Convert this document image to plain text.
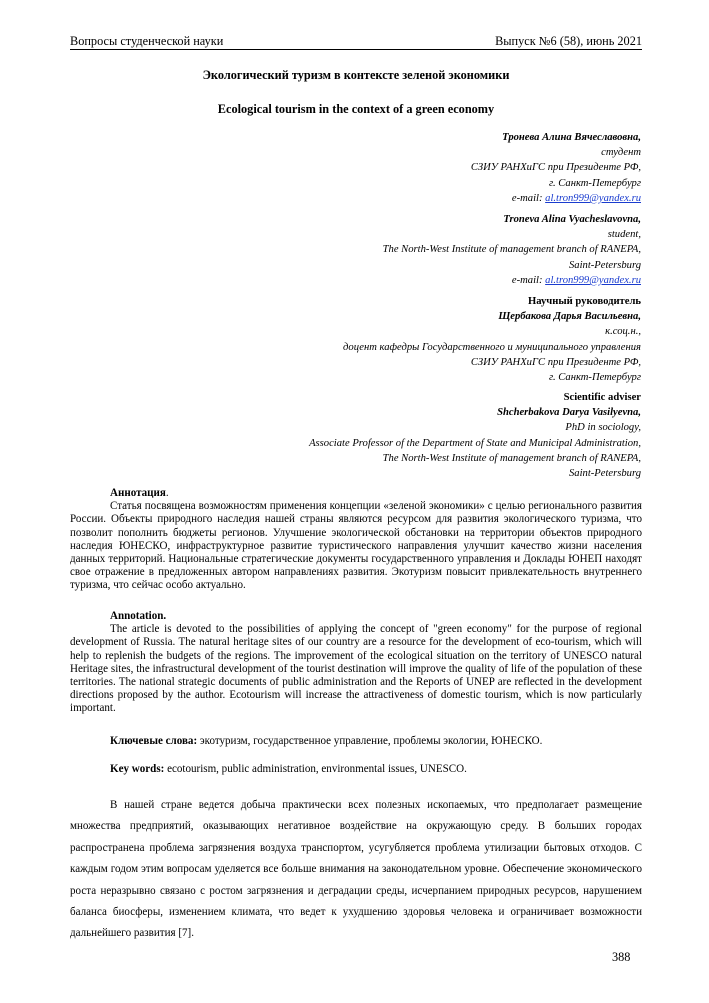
Вопросы студенческой науки	Выпуск №6 (58), июнь 2021
Экологический туризм в контексте зеленой экономики
Ecological tourism in the context of a green economy
Тронева Алина Вячеславовна,
студент
СЗИУ РАНХиГС при Президенте РФ,
г. Санкт-Петербург
e-mail: al.tron999@yandex.ru
Troneva Alina Vyacheslavovna,
student,
The North-West Institute of management branch of RANEPA,
Saint-Petersburg
e-mail: al.tron999@yandex.ru
Научный руководитель
Щербакова Дарья Васильевна,
к.соц.н.,
доцент кафедры Государственного и муниципального управления
СЗИУ РАНХиГС при Президенте РФ,
г. Санкт-Петербург
Scientific adviser
Shcherbakova Darya Vasilyevna,
PhD in sociology,
Associate Professor of the Department of State and Municipal Administration,
The North-West Institute of management branch of RANEPA,
Saint-Petersburg

Аннотация.

Статья посвящена возможностям применения концепции «зеленой экономики» с целью регионального развития России. Объекты природного наследия нашей страны являются ресурсом для развития экологического туризма, что позволит пополнить бюджеты регионов. Улучшение экологической обстановки на территории объектов природного наследия ЮНЕСКО, инфраструктурное развитие туристического направления улучшит качество жизни населения данных территорий. Национальные стратегические документы государственного управления и Доклады ЮНЕП находят свое отражение в предложенных автором направлениях развития. Экотуризм повысит привлекательность внутреннего туризма, что сейчас особо актуально.

Annotation.

The article is devoted to the possibilities of applying the concept of "green economy" for the purpose of regional development of Russia. The natural heritage sites of our country are a resource for the development of eco-tourism, which will help to replenish the budgets of the regions. The improvement of the ecological situation on the territory of UNESCO natural Heritage sites, the infrastructural development of the tourist destination will improve the quality of life of the population of these territories. The national strategic documents of public administration and the Reports of UNEP are reflected in the development directions proposed by the author. Ecotourism will increase the attractiveness of domestic tourism, which is now particularly important.

Ключевые слова: экотуризм, государственное управление, проблемы экологии, ЮНЕСКО.
Key words: ecotourism, public administration, environmental issues, UNESCO.

В нашей стране ведется добыча практически всех полезных ископаемых, что предполагает размещение множества предприятий, оказывающих негативное воздействие на окружающую среду. В больших городах распространена проблема загрязнения воздуха транспортом, усугубляется проблема утилизации бытовых отходов. С каждым годом этим вопросам уделяется все больше внимания на законодательном уровне. Обеспечение экономического роста неразрывно связано с ростом загрязнения и деградации среды, исчерпанием природных ресурсов, нарушением баланса биосферы, изменением климата, что ведет к ухудшению здоровья человека и ограничивает возможности дальнейшего развития [7].

388
